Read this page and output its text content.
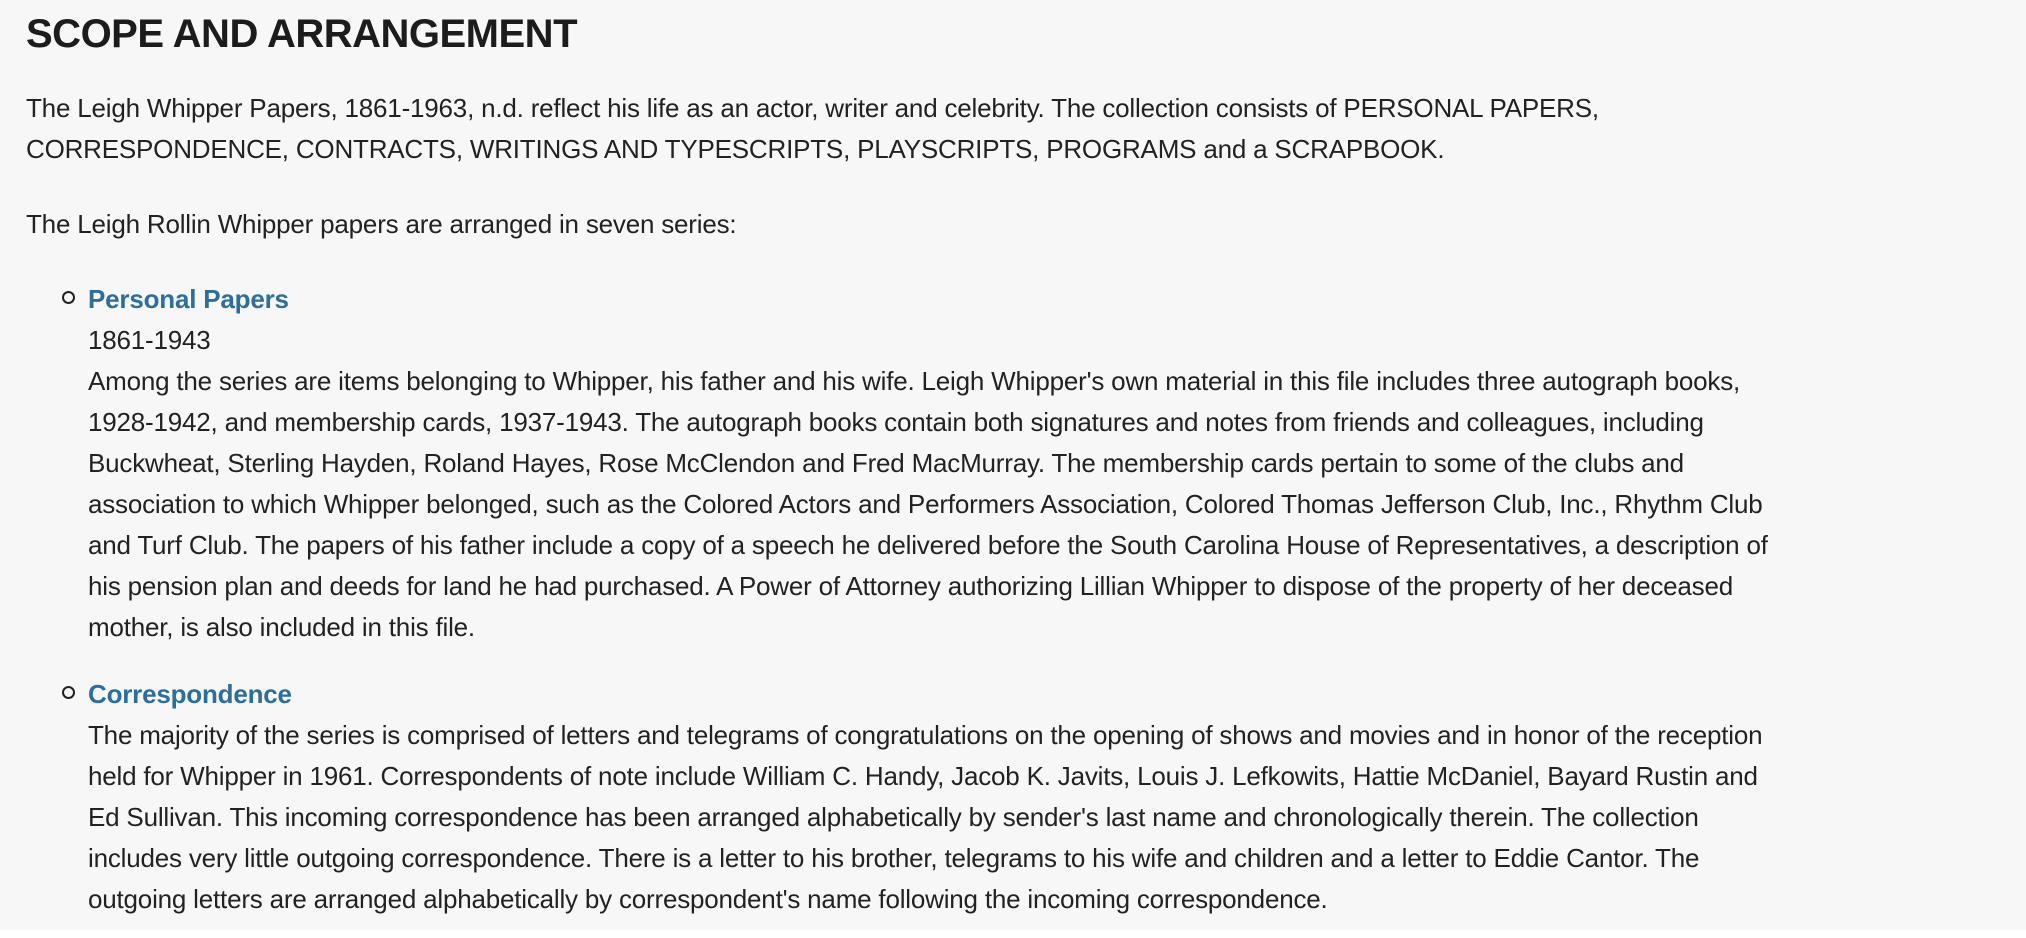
SCOPE AND ARRANGEMENT

The Leigh Whipper Papers, 1861-1963, n.d. reflect his life as an actor, writer and celebrity. The collection consists of PERSONAL PAPERS, CORRESPONDENCE, CONTRACTS, WRITINGS AND TYPESCRIPTS, PLAYSCRIPTS, PROGRAMS and a SCRAPBOOK.

The Leigh Rollin Whipper papers are arranged in seven series:

Personal Papers
1861-1943
Among the series are items belonging to Whipper, his father and his wife. Leigh Whipper's own material in this file includes three autograph books, 1928-1942, and membership cards, 1937-1943. The autograph books contain both signatures and notes from friends and colleagues, including Buckwheat, Sterling Hayden, Roland Hayes, Rose McClendon and Fred MacMurray. The membership cards pertain to some of the clubs and association to which Whipper belonged, such as the Colored Actors and Performers Association, Colored Thomas Jefferson Club, Inc., Rhythm Club and Turf Club. The papers of his father include a copy of a speech he delivered before the South Carolina House of Representatives, a description of his pension plan and deeds for land he had purchased. A Power of Attorney authorizing Lillian Whipper to dispose of the property of her deceased mother, is also included in this file.
Correspondence
The majority of the series is comprised of letters and telegrams of congratulations on the opening of shows and movies and in honor of the reception held for Whipper in 1961. Correspondents of note include William C. Handy, Jacob K. Javits, Louis J. Lefkowits, Hattie McDaniel, Bayard Rustin and Ed Sullivan. This incoming correspondence has been arranged alphabetically by sender's last name and chronologically therein. The collection includes very little outgoing correspondence. There is a letter to his brother, telegrams to his wife and children and a letter to Eddie Cantor. The outgoing letters are arranged alphabetically by correspondent's name following the incoming correspondence.
